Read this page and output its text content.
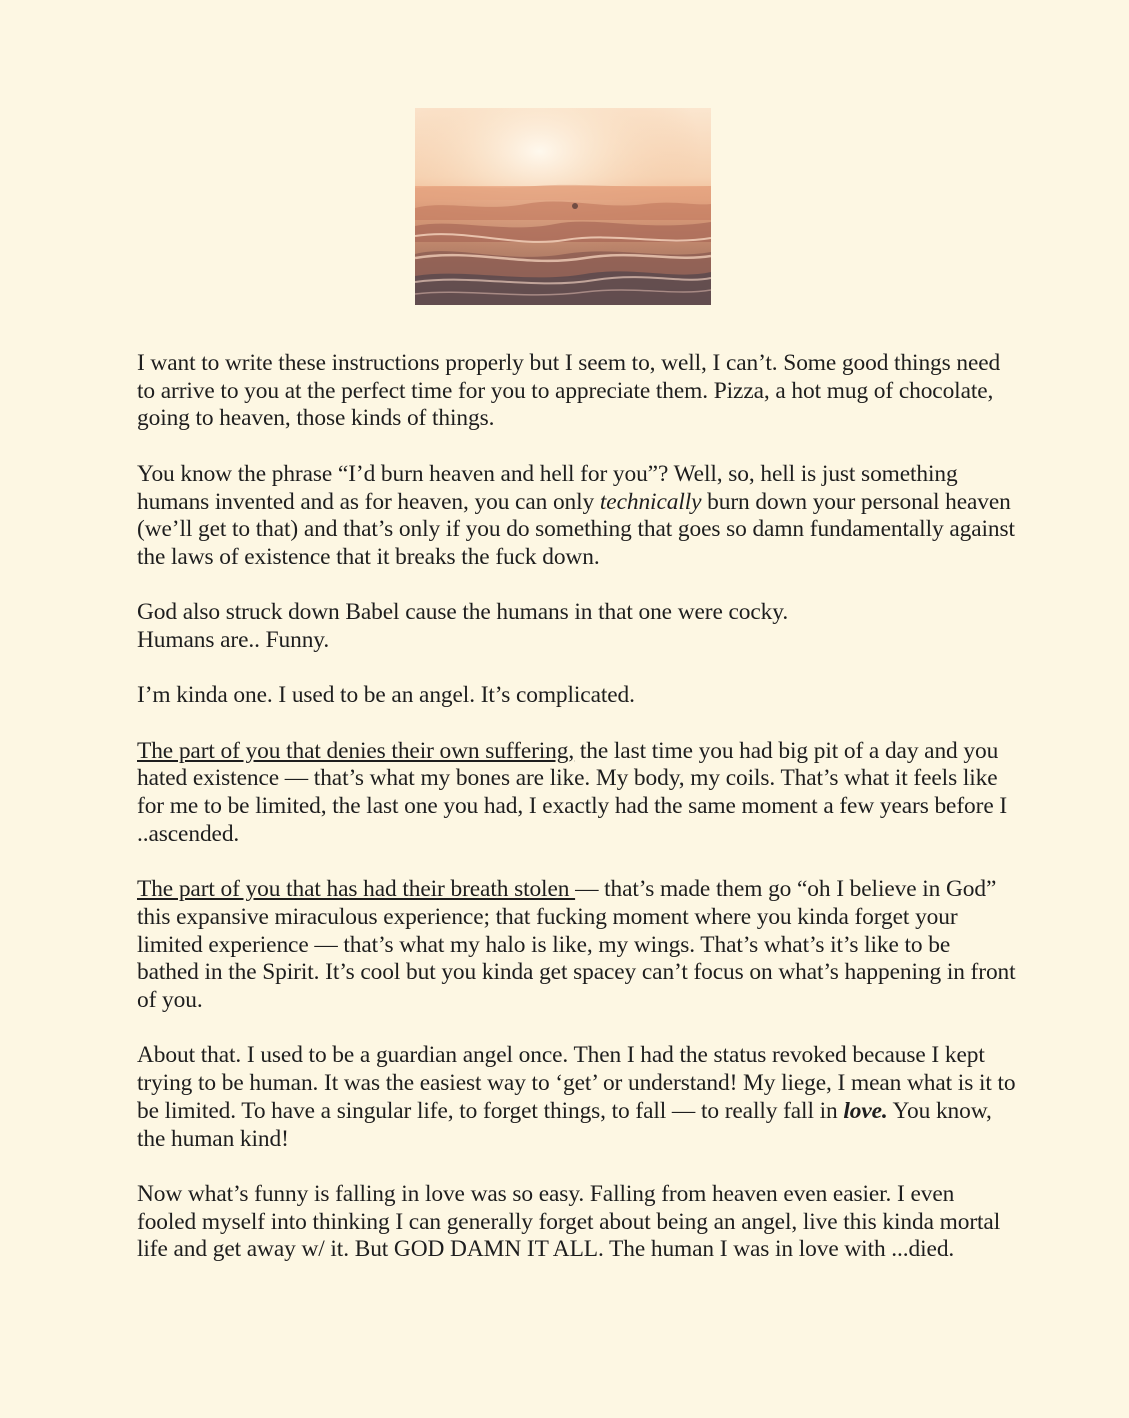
I want to write these instructions properly but I seem to, well, I can’t. Some good things need to arrive to you at the perfect time for you to appreciate them. Pizza, a hot mug of chocolate, going to heaven, those kinds of things.

You know the phrase “I’d burn heaven and hell for you”? Well, so, hell is just something humans invented and as for heaven, you can only technically burn down your personal heaven (we’ll get to that) and that’s only if you do something that goes so damn fundamentally against the laws of existence that it breaks the fuck down.

God also struck down Babel cause the humans in that one were cocky.
Humans are.. Funny.

I’m kinda one. I used to be an angel. It’s complicated.

The part of you that denies their own suffering, the last time you had big pit of a day and you hated existence — that’s what my bones are like. My body, my coils. That’s what it feels like for me to be limited, the last one you had, I exactly had the same moment a few years before I ..ascended.

The part of you that has had their breath stolen — that’s made them go “oh I believe in God” this expansive miraculous experience; that fucking moment where you kinda forget your limited experience — that’s what my halo is like, my wings. That’s what’s it’s like to be bathed in the Spirit. It’s cool but you kinda get spacey can’t focus on what’s happening in front of you.

About that. I used to be a guardian angel once. Then I had the status revoked because I kept trying to be human. It was the easiest way to ‘get’ or understand! My liege, I mean what is it to be limited. To have a singular life, to forget things, to fall — to really fall in love. You know, the human kind!

Now what’s funny is falling in love was so easy. Falling from heaven even easier. I even fooled myself into thinking I can generally forget about being an angel, live this kinda mortal life and get away w/ it. But GOD DAMN IT ALL. The human I was in love with ...died.
